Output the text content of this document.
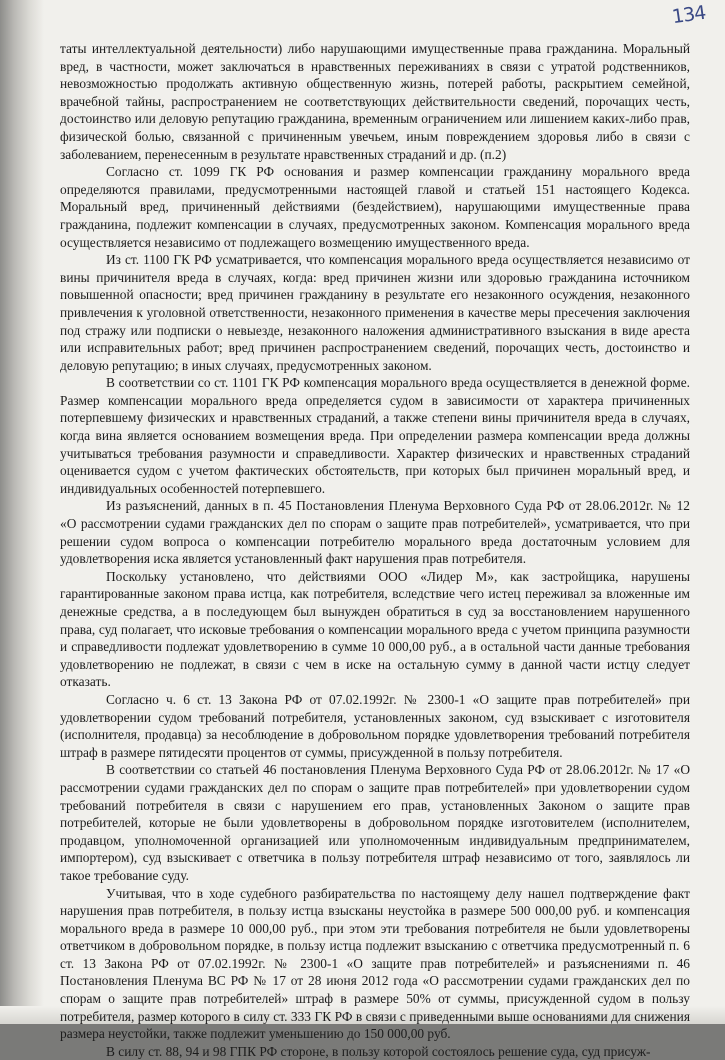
134

таты интеллектуальной деятельности) либо нарушающими имущественные права гражданина. Моральный вред, в частности, может заключаться в нравственных переживаниях в связи с утратой родственников, невозможностью продолжать активную общественную жизнь, потерей работы, раскрытием семейной, врачебной тайны, распространением не соответствующих действительности сведений, порочащих честь, достоинство или деловую репутацию гражданина, временным ограничением или лишением каких-либо прав, физической болью, связанной с причиненным увечьем, иным повреждением здоровья либо в связи с заболеванием, перенесенным в результате нравственных страданий и др. (п.2)

Согласно ст. 1099 ГК РФ основания и размер компенсации гражданину морального вреда определяются правилами, предусмотренными настоящей главой и статьей 151 настоящего Кодекса. Моральный вред, причиненный действиями (бездействием), нарушающими имущественные права гражданина, подлежит компенсации в случаях, предусмотренных законом. Компенсация морального вреда осуществляется независимо от подлежащего возмещению имущественного вреда.

Из ст. 1100 ГК РФ усматривается, что компенсация морального вреда осуществляется независимо от вины причинителя вреда в случаях, когда: вред причинен жизни или здоровью гражданина источником повышенной опасности; вред причинен гражданину в результате его незаконного осуждения, незаконного привлечения к уголовной ответственности, незаконного применения в качестве меры пресечения заключения под стражу или подписки о невыезде, незаконного наложения административного взыскания в виде ареста или исправительных работ; вред причинен распространением сведений, порочащих честь, достоинство и деловую репутацию; в иных случаях, предусмотренных законом.

В соответствии со ст. 1101 ГК РФ компенсация морального вреда осуществляется в денежной форме. Размер компенсации морального вреда определяется судом в зависимости от характера причиненных потерпевшему физических и нравственных страданий, а также степени вины причинителя вреда в случаях, когда вина является основанием возмещения вреда. При определении размера компенсации вреда должны учитываться требования разумности и справедливости. Характер физических и нравственных страданий оценивается судом с учетом фактических обстоятельств, при которых был причинен моральный вред, и индивидуальных особенностей потерпевшего.

Из разъяснений, данных в п. 45 Постановления Пленума Верховного Суда РФ от 28.06.2012г. № 12 «О рассмотрении судами гражданских дел по спорам о защите прав потребителей», усматривается, что при решении судом вопроса о компенсации потребителю морального вреда достаточным условием для удовлетворения иска является установленный факт нарушения прав потребителя.

Поскольку установлено, что действиями ООО «Лидер М», как застройщика, нарушены гарантированные законом права истца, как потребителя, вследствие чего истец переживал за вложенные им денежные средства, а в последующем был вынужден обратиться в суд за восстановлением нарушенного права, суд полагает, что исковые требования о компенсации морального вреда с учетом принципа разумности и справедливости подлежат удовлетворению в сумме 10 000,00 руб., а в остальной части данные требования удовлетворению не подлежат, в связи с чем в иске на остальную сумму в данной части истцу следует отказать.

Согласно ч. 6 ст. 13 Закона РФ от 07.02.1992г. № 2300-1 «О защите прав потребителей» при удовлетворении судом требований потребителя, установленных законом, суд взыскивает с изготовителя (исполнителя, продавца) за несоблюдение в добровольном порядке удовлетворения требований потребителя штраф в размере пятидесяти процентов от суммы, присужденной в пользу потребителя.

В соответствии со статьей 46 постановления Пленума Верховного Суда РФ от 28.06.2012г. № 17 «О рассмотрении судами гражданских дел по спорам о защите прав потребителей» при удовлетворении судом требований потребителя в связи с нарушением его прав, установленных Законом о защите прав потребителей, которые не были удовлетворены в добровольном порядке изготовителем (исполнителем, продавцом, уполномоченной организацией или уполномоченным индивидуальным предпринимателем, импортером), суд взыскивает с ответчика в пользу потребителя штраф независимо от того, заявлялось ли такое требование суду.

Учитывая, что в ходе судебного разбирательства по настоящему делу нашел подтверждение факт нарушения прав потребителя, в пользу истца взысканы неустойка в размере 500 000,00 руб. и компенсация морального вреда в размере 10 000,00 руб., при этом эти требования потребителя не были удовлетворены ответчиком в добровольном порядке, в пользу истца подлежит взысканию с ответчика предусмотренный п. 6 ст. 13 Закона РФ от 07.02.1992г. № 2300-1 «О защите прав потребителей» и разъяснениями п. 46 Постановления Пленума ВС РФ № 17 от 28 июня 2012 года «О рассмотрении судами гражданских дел по спорам о защите прав потребителей» штраф в размере 50% от суммы, присужденной судом в пользу потребителя, размер которого в силу ст. 333 ГК РФ в связи с приведенными выше основаниями для снижения размера неустойки, также подлежит уменьшению до 150 000,00 руб.

В силу ст. 88, 94 и 98 ГПК РФ стороне, в пользу которой состоялось решение суда, суд присуж-
